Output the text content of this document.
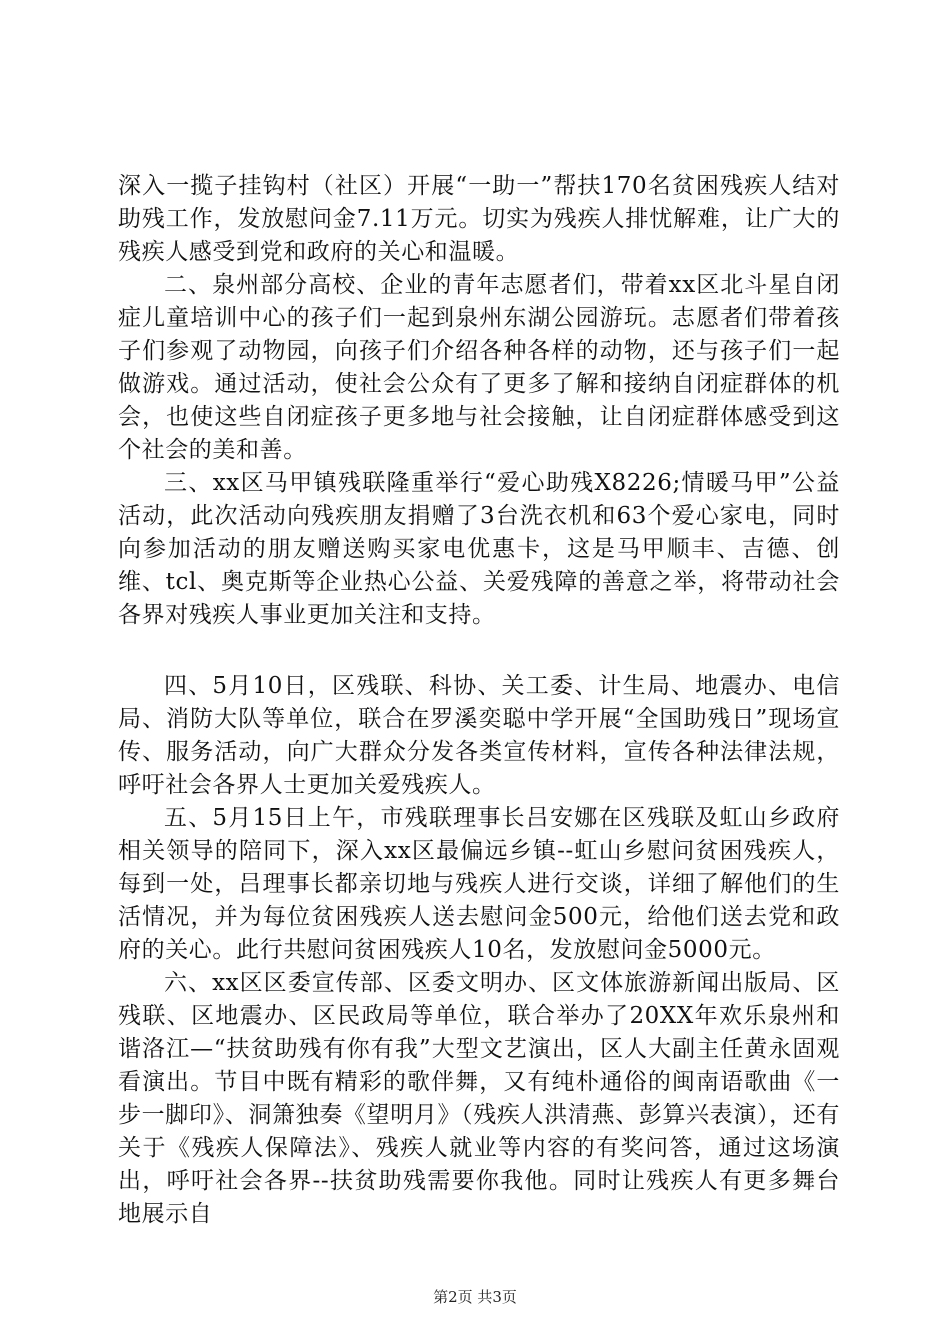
深入一揽子挂钩村（社区）开展“一助一”帮扶170名贫困残疾人结对助残工作，发放慰问金7.11万元。切实为残疾人排忧解难，让广大的残疾人感受到党和政府的关心和温暖。

二、泉州部分高校、企业的青年志愿者们，带着xx区北斗星自闭症儿童培训中心的孩子们一起到泉州东湖公园游玩。志愿者们带着孩子们参观了动物园，向孩子们介绍各种各样的动物，还与孩子们一起做游戏。通过活动，使社会公众有了更多了解和接纳自闭症群体的机会，也使这些自闭症孩子更多地与社会接触，让自闭症群体感受到这个社会的美和善。

三、xx区马甲镇残联隆重举行“爱心助残X8226;情暖马甲”公益活动，此次活动向残疾朋友捐赠了3台洗衣机和63个爱心家电，同时向参加活动的朋友赠送购买家电优惠卡，这是马甲顺丰、吉德、创维、tcl、奥克斯等企业热心公益、关爱残障的善意之举，将带动社会各界对残疾人事业更加关注和支持。

四、5月10日，区残联、科协、关工委、计生局、地震办、电信局、消防大队等单位，联合在罗溪奕聪中学开展“全国助残日”现场宣传、服务活动，向广大群众分发各类宣传材料，宣传各种法律法规，呼吁社会各界人士更加关爱残疾人。

五、5月15日上午，市残联理事长吕安娜在区残联及虹山乡政府相关领导的陪同下，深入xx区最偏远乡镇--虹山乡慰问贫困残疾人，每到一处，吕理事长都亲切地与残疾人进行交谈，详细了解他们的生活情况，并为每位贫困残疾人送去慰问金500元，给他们送去党和政府的关心。此行共慰问贫困残疾人10名，发放慰问金5000元。

六、xx区区委宣传部、区委文明办、区文体旅游新闻出版局、区残联、区地震办、区民政局等单位，联合举办了20XX年欢乐泉州和谐洛江—“扶贫助残有你有我”大型文艺演出，区人大副主任黄永固观看演出。节目中既有精彩的歌伴舞，又有纯朴通俗的闽南语歌曲《一步一脚印》、洞箫独奏《望明月》（残疾人洪清燕、彭算兴表演），还有关于《残疾人保障法》、残疾人就业等内容的有奖问答，通过这场演出，呼吁社会各界--扶贫助残需要你我他。同时让残疾人有更多舞台地展示自

第2页 共3页
